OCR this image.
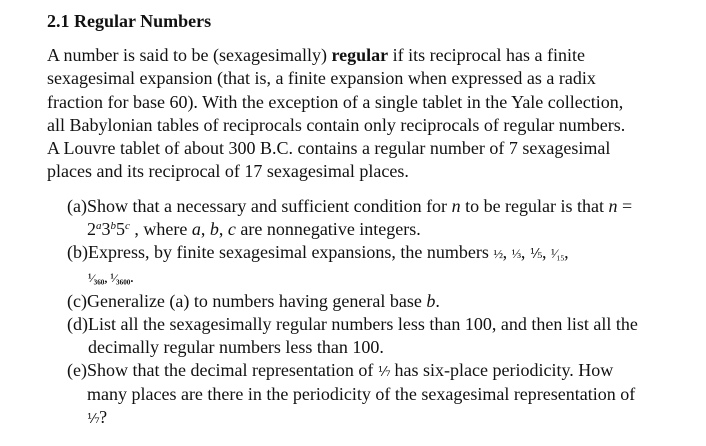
2.1 Regular Numbers

A number is said to be (sexagesimally) regular if its reciprocal has a finite sexagesimal expansion (that is, a finite expansion when expressed as a radix fraction for base 60). With the exception of a single tablet in the Yale collection, all Babylonian tables of reciprocals contain only reciprocals of regular numbers. A Louvre tablet of about 300 B.C. contains a regular number of 7 sexagesimal places and its reciprocal of 17 sexagesimal places.

(a) Show that a necessary and sufficient condition for n to be regular is that $n = 2^a3^b5^c$ , where a, b, c are nonnegative integers.
(b) Express, by finite sexagesimal expansions, the numbers ½, ⅓, ⅕, ¹⁄₁₅,
¹⁄₃₆₀, ¹⁄₃₆₀₀.
(c) Generalize (a) to numbers having general base b.
(d) List all the sexagesimally regular numbers less than 100, and then list all the decimally regular numbers less than 100.
(e) Show that the decimal representation of ⅐ has six-place periodicity. How many places are there in the periodicity of the sexagesimal representation of ⅐?
